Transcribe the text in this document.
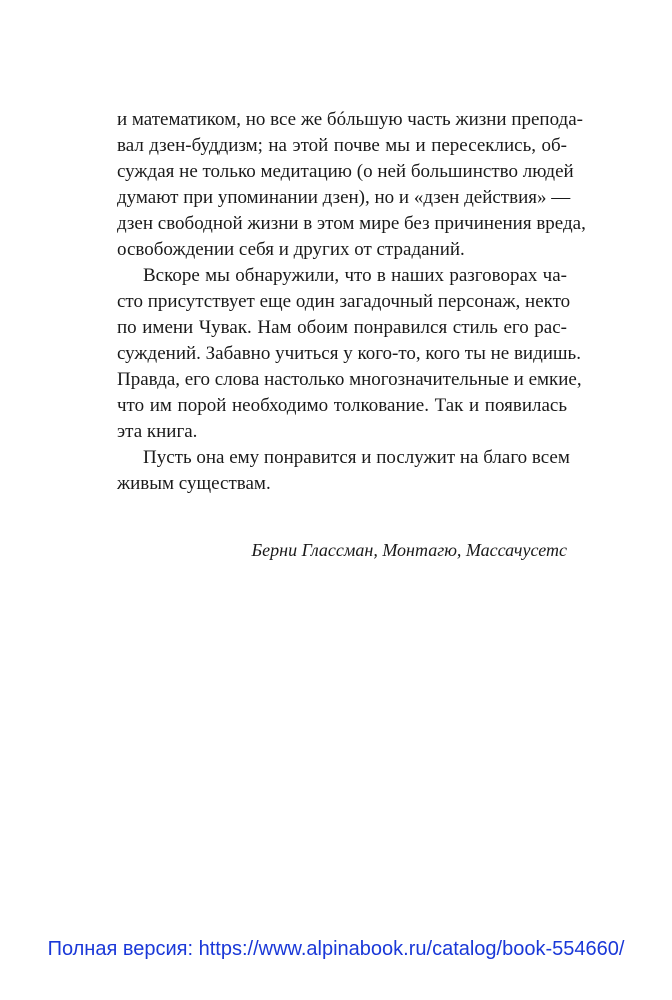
и математиком, но все же бóльшую часть жизни препода-
вал дзен-буддизм; на этой почве мы и пересеклись, об-
суждая не только медитацию (о ней большинство людей
думают при упоминании дзен), но и «дзен действия» —
дзен свободной жизни в этом мире без причинения вреда,
освобождении себя и других от страданий.
Вскоре мы обнаружили, что в наших разговорах ча-
сто присутствует еще один загадочный персонаж, некто
по имени Чувак. Нам обоим понравился стиль его рас-
суждений. Забавно учиться у кого-то, кого ты не видишь.
Правда, его слова настолько многозначительные и емкие,
что им порой необходимо толкование. Так и появилась
эта книга.
Пусть она ему понравится и послужит на благо всем
живым существам.
Берни Глассман, Монтагю, Массачусетс
Полная версия: https://www.alpinabook.ru/catalog/book-554660/
